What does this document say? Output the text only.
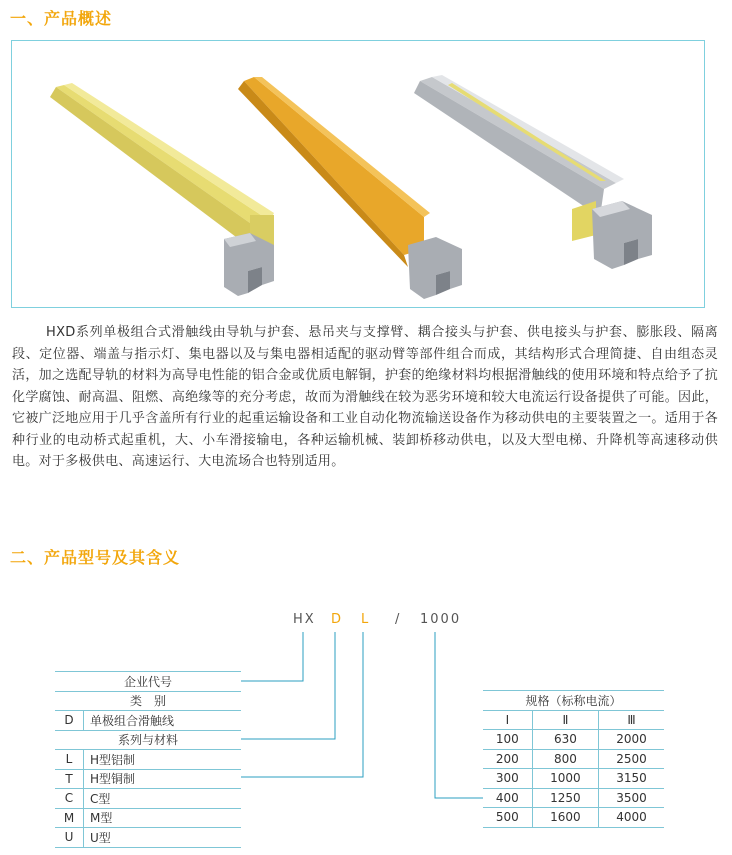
一、产品概述

HXD系列单极组合式滑触线由导轨与护套、悬吊夹与支撑臂、耦合接头与护套、供电接头与护套、膨胀段、隔离段、定位器、端盖与指示灯、集电器以及与集电器相适配的驱动臂等部件组合而成，其结构形式合理简捷、自由组态灵活，加之选配导轨的材料为高导电性能的铝合金或优质电解铜，护套的绝缘材料均根据滑触线的使用环境和特点给予了抗化学腐蚀、耐高温、阻燃、高绝缘等的充分考虑，故而为滑触线在较为恶劣环境和较大电流运行设备提供了可能。因此，它被广泛地应用于几乎含盖所有行业的起重运输设备和工业自动化物流输送设备作为移动供电的主要装置之一。适用于各种行业的电动桥式起重机，大、小车滑接输电，各种运输机械、装卸桥移动供电，以及大型电梯、升降机等高速移动供电。对于多极供电、高速运行、大电流场合也特别适用。

二、产品型号及其含义
HX D L / 1000
企业代号	
类　别	
D	单极组合滑触线
系列与材料	
L	H型铝制
T	H型铜制
C	C型
M	M型
U	U型
规格（标称电流）		
Ⅰ	Ⅱ	Ⅲ
100	630	2000
200	800	2500
300	1000	3150
400	1250	3500
500	1600	4000
